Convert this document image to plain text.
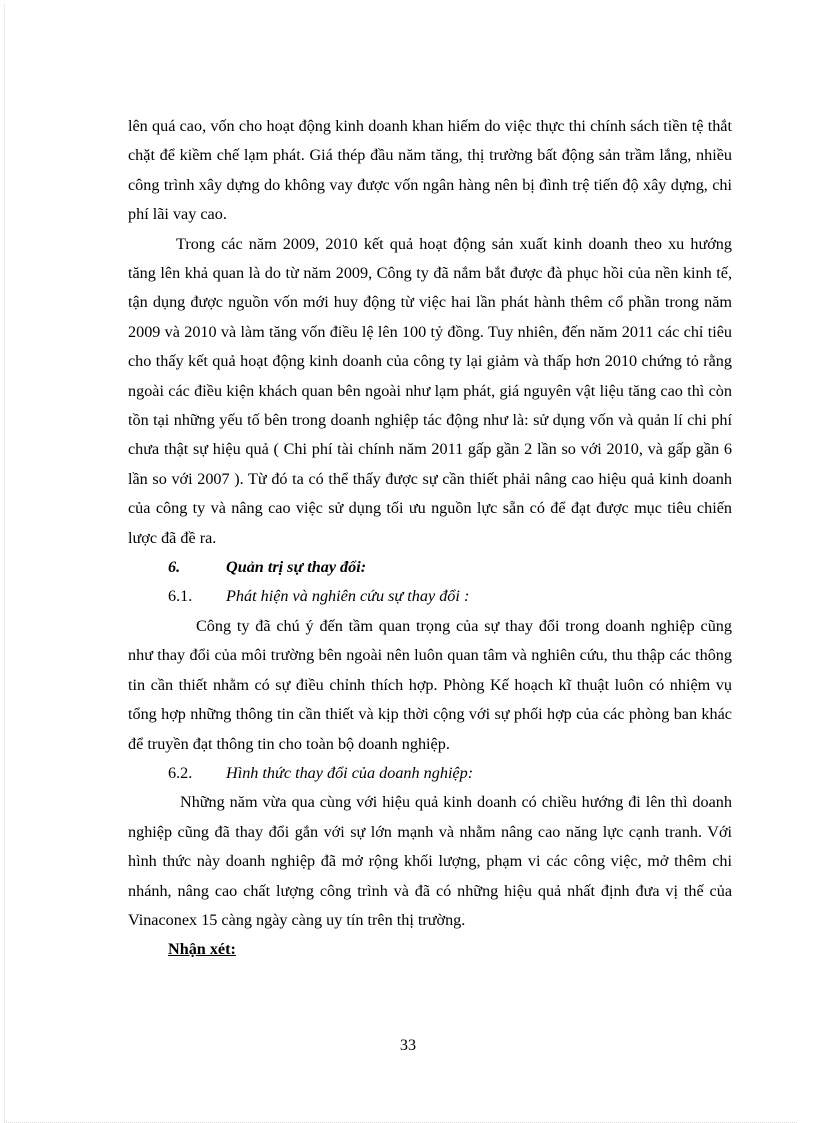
lên quá cao, vốn cho hoạt động kinh doanh khan hiếm do việc thực thi chính sách tiền tệ thắt chặt để kiềm chế lạm phát. Giá thép đầu năm tăng, thị trường bất động sản trầm lắng, nhiều công trình xây dựng do không vay được vốn ngân hàng nên bị đình trệ tiến độ xây dựng, chi phí lãi vay cao.

Trong các năm 2009, 2010 kết quả hoạt động sản xuất kinh doanh theo xu hướng tăng lên khả quan là do từ năm 2009, Công ty đã nắm bắt được đà phục hồi của nền kinh tế, tận dụng được nguồn vốn mới huy động từ việc hai lần phát hành thêm cổ phần trong năm 2009 và 2010 và làm tăng vốn điều lệ lên 100 tỷ đồng. Tuy nhiên, đến năm 2011 các chỉ tiêu cho thấy kết quả hoạt động kinh doanh của công ty lại giảm và thấp hơn 2010 chứng tỏ rằng ngoài các điều kiện khách quan bên ngoài như lạm phát, giá nguyên vật liệu tăng cao thì còn tồn tại những yếu tố bên trong doanh nghiệp tác động như là: sử dụng vốn và quản lí chi phí chưa thật sự hiệu quả ( Chi phí tài chính năm 2011 gấp gần 2 lần so với 2010, và gấp gần 6 lần so với 2007 ). Từ đó ta có thể thấy được sự cần thiết phải nâng cao hiệu quả kinh doanh của công ty và nâng cao việc sử dụng tối ưu nguồn lực sẵn có để đạt được mục tiêu chiến lược đã đề ra.

6.	Quản trị sự thay đổi:
6.1. Phát hiện và nghiên cứu sự thay đổi :

Công ty đã chú ý đến tầm quan trọng của sự thay đổi trong doanh nghiệp cũng như thay đổi của môi trường bên ngoài nên luôn quan tâm và nghiên cứu, thu thập các thông tin cần thiết nhằm có sự điều chỉnh thích hợp. Phòng Kế hoạch kĩ thuật luôn có nhiệm vụ tổng hợp những thông tin cần thiết và kịp thời cộng với sự phối hợp của các phòng ban khác để truyền đạt thông tin cho toàn bộ doanh nghiệp.

6.2. Hình thức thay đổi của doanh nghiệp:

Những năm vừa qua cùng với hiệu quả kinh doanh có chiều hướng đi lên thì doanh nghiệp cũng đã thay đổi gắn với sự lớn mạnh và nhằm nâng cao năng lực cạnh tranh. Với hình thức này doanh nghiệp đã mở rộng khối lượng, phạm vi các công việc, mở thêm chi nhánh, nâng cao chất lượng công trình và đã có những hiệu quả nhất định đưa vị thế của Vinaconex 15 càng ngày càng uy tín trên thị trường.

Nhận xét:

33
